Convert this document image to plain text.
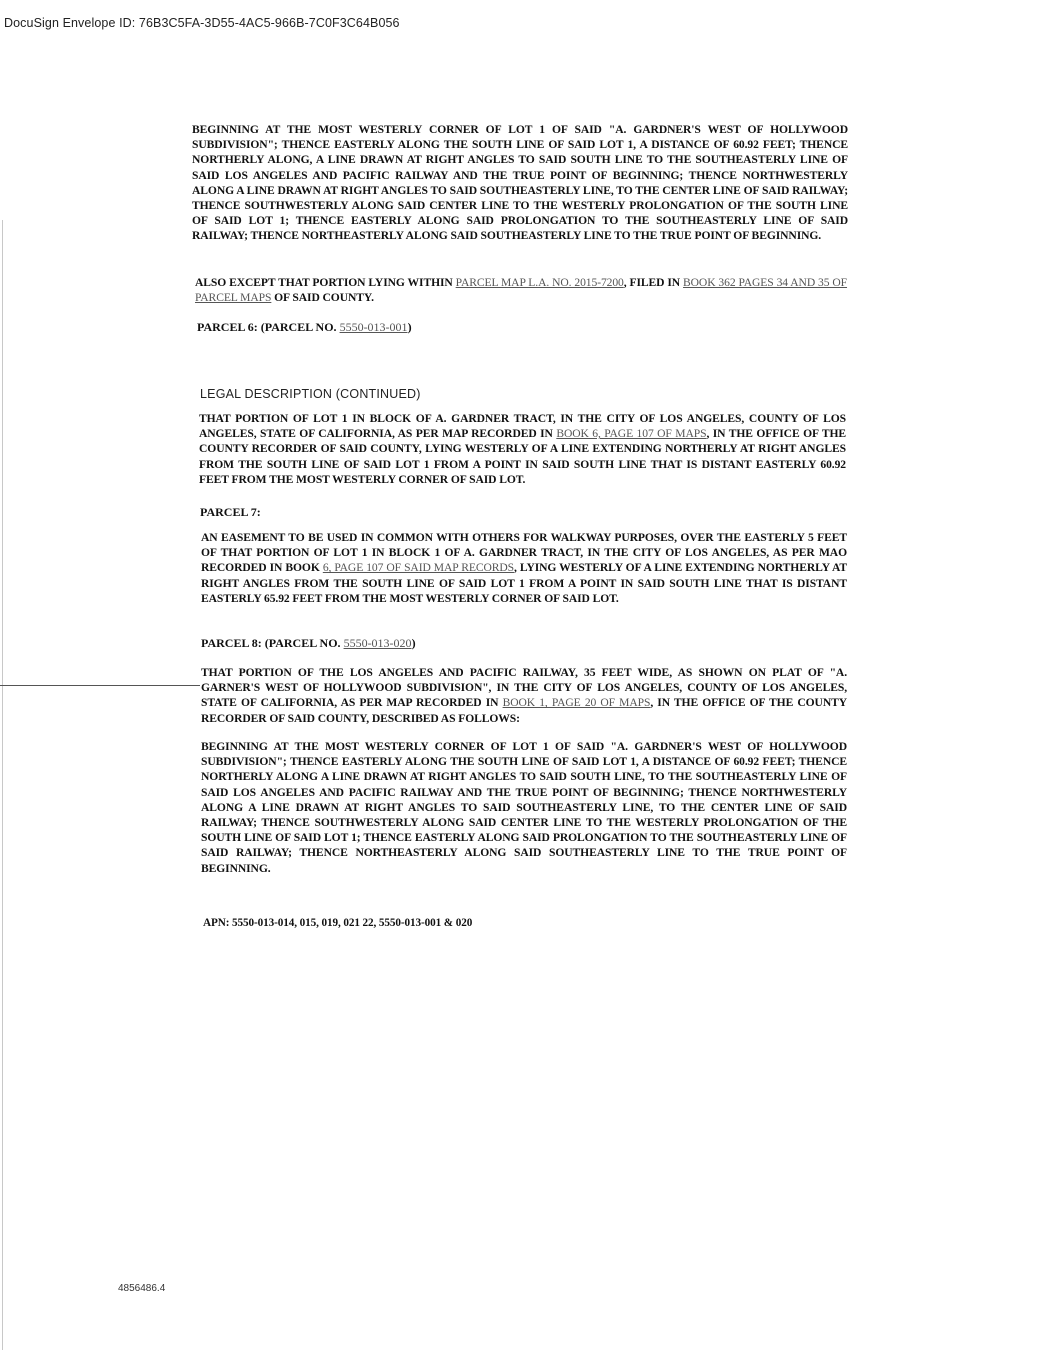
DocuSign Envelope ID: 76B3C5FA-3D55-4AC5-966B-7C0F3C64B056

BEGINNING AT THE MOST WESTERLY CORNER OF LOT 1 OF SAID "A. GARDNER'S WEST OF HOLLYWOOD SUBDIVISION"; THENCE EASTERLY ALONG THE SOUTH LINE OF SAID LOT 1, A DISTANCE OF 60.92 FEET; THENCE NORTHERLY ALONG, A LINE DRAWN AT RIGHT ANGLES TO SAID SOUTH LINE TO THE SOUTHEASTERLY LINE OF SAID LOS ANGELES AND PACIFIC RAILWAY AND THE TRUE POINT OF BEGINNING; THENCE NORTHWESTERLY ALONG A LINE DRAWN AT RIGHT ANGLES TO SAID SOUTHEASTERLY LINE, TO THE CENTER LINE OF SAID RAILWAY; THENCE SOUTHWESTERLY ALONG SAID CENTER LINE TO THE WESTERLY PROLONGATION OF THE SOUTH LINE OF SAID LOT 1; THENCE EASTERLY ALONG SAID PROLONGATION TO THE SOUTHEASTERLY LINE OF SAID RAILWAY; THENCE NORTHEASTERLY ALONG SAID SOUTHEASTERLY LINE TO THE TRUE POINT OF BEGINNING.

ALSO EXCEPT THAT PORTION LYING WITHIN PARCEL MAP L.A. NO. 2015-7200, FILED IN BOOK 362 PAGES 34 AND 35 OF PARCEL MAPS OF SAID COUNTY.

PARCEL 6: (PARCEL NO. 5550-013-001)

LEGAL DESCRIPTION (CONTINUED)

THAT PORTION OF LOT 1 IN BLOCK OF A. GARDNER TRACT, IN THE CITY OF LOS ANGELES, COUNTY OF LOS ANGELES, STATE OF CALIFORNIA, AS PER MAP RECORDED IN BOOK 6, PAGE 107 OF MAPS, IN THE OFFICE OF THE COUNTY RECORDER OF SAID COUNTY, LYING WESTERLY OF A LINE EXTENDING NORTHERLY AT RIGHT ANGLES FROM THE SOUTH LINE OF SAID LOT 1 FROM A POINT IN SAID SOUTH LINE THAT IS DISTANT EASTERLY 60.92 FEET FROM THE MOST WESTERLY CORNER OF SAID LOT.

PARCEL 7:

AN EASEMENT TO BE USED IN COMMON WITH OTHERS FOR WALKWAY PURPOSES, OVER THE EASTERLY 5 FEET OF THAT PORTION OF LOT 1 IN BLOCK 1 OF A. GARDNER TRACT, IN THE CITY OF LOS ANGELES, AS PER MAO RECORDED IN BOOK 6, PAGE 107 OF SAID MAP RECORDS, LYING WESTERLY OF A LINE EXTENDING NORTHERLY AT RIGHT ANGLES FROM THE SOUTH LINE OF SAID LOT 1 FROM A POINT IN SAID SOUTH LINE THAT IS DISTANT EASTERLY 65.92 FEET FROM THE MOST WESTERLY CORNER OF SAID LOT.

PARCEL 8: (PARCEL NO. 5550-013-020)

THAT PORTION OF THE LOS ANGELES AND PACIFIC RAILWAY, 35 FEET WIDE, AS SHOWN ON PLAT OF "A. GARNER'S WEST OF HOLLYWOOD SUBDIVISION", IN THE CITY OF LOS ANGELES, COUNTY OF LOS ANGELES, STATE OF CALIFORNIA, AS PER MAP RECORDED IN BOOK 1, PAGE 20 OF MAPS, IN THE OFFICE OF THE COUNTY RECORDER OF SAID COUNTY, DESCRIBED AS FOLLOWS:

BEGINNING AT THE MOST WESTERLY CORNER OF LOT 1 OF SAID "A. GARDNER'S WEST OF HOLLYWOOD SUBDIVISION"; THENCE EASTERLY ALONG THE SOUTH LINE OF SAID LOT 1, A DISTANCE OF 60.92 FEET; THENCE NORTHERLY ALONG A LINE DRAWN AT RIGHT ANGLES TO SAID SOUTH LINE, TO THE SOUTHEASTERLY LINE OF SAID LOS ANGELES AND PACIFIC RAILWAY AND THE TRUE POINT OF BEGINNING; THENCE NORTHWESTERLY ALONG A LINE DRAWN AT RIGHT ANGLES TO SAID SOUTHEASTERLY LINE, TO THE CENTER LINE OF SAID RAILWAY; THENCE SOUTHWESTERLY ALONG SAID CENTER LINE TO THE WESTERLY PROLONGATION OF THE SOUTH LINE OF SAID LOT 1; THENCE EASTERLY ALONG SAID PROLONGATION TO THE SOUTHEASTERLY LINE OF SAID RAILWAY; THENCE NORTHEASTERLY ALONG SAID SOUTHEASTERLY LINE TO THE TRUE POINT OF BEGINNING.

APN: 5550-013-014, 015, 019, 021 22, 5550-013-001 & 020
4856486.4
